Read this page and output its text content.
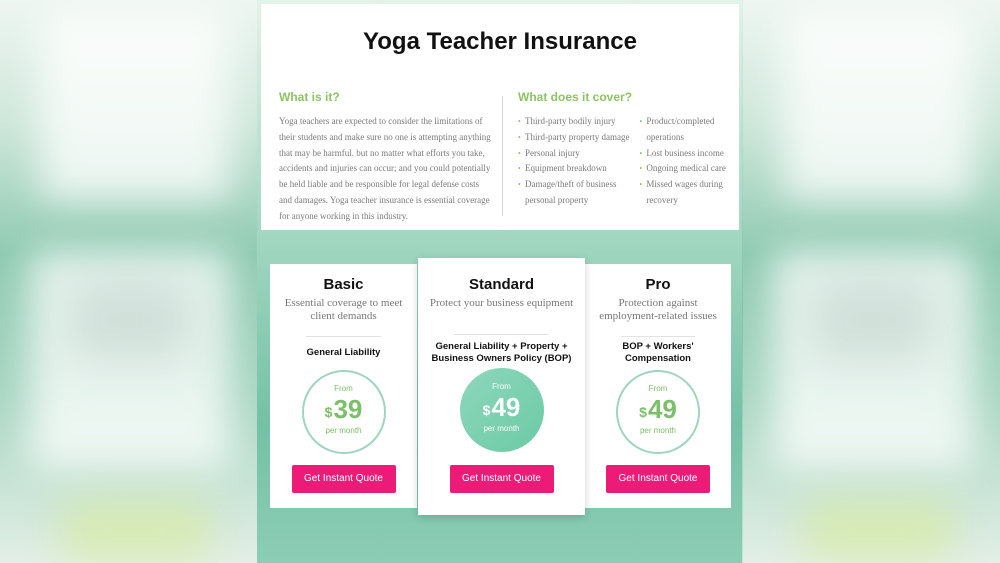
Yoga Teacher Insurance
What is it?

Yoga teachers are expected to consider the limitations of their students and make sure no one is attempting anything that may be harmful. but no matter what efforts you take, accidents and injuries can occur; and you could potentially be held liable and be responsible for legal defense costs and damages. Yoga teacher insurance is essential coverage for anyone working in this industry.

What does it cover?
• Third-party bodily injury
• Third-party property damage
• Personal injury
• Equipment breakdown
• Damage/theft of business personal property
• Product/completed operations
• Lost business income
• Ongoing medical care
• Missed wages during recovery
Basic
Essential coverage to meet client demands
General Liability
From
$39
per month
Get Instant Quote
Standard
Protect your business equipment
General Liability + Property + Business Owners Policy (BOP)
From
$49
per month
Get Instant Quote
Pro
Protection against employment-related issues
BOP + Workers' Compensation
From
$49
per month
Get Instant Quote
